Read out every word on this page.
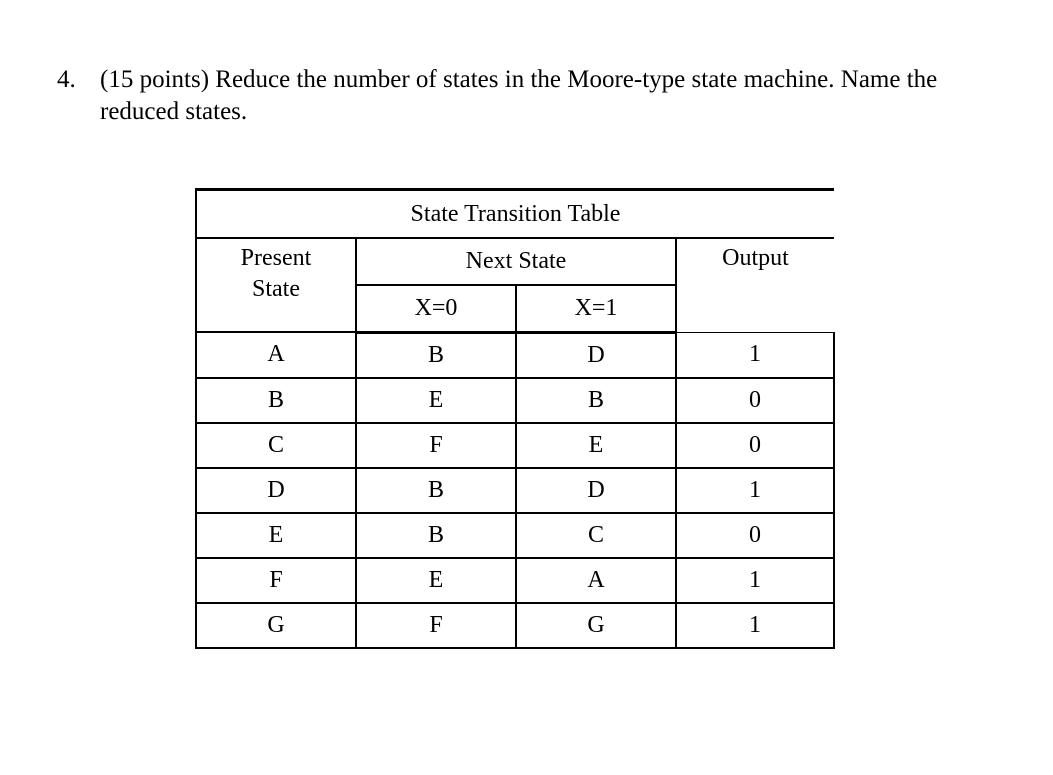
4. (15 points) Reduce the number of states in the Moore-type state machine. Name the reduced states.
State Transition Table			
Present State	Next State		Output
	X=0	X=1	
A	B	D	1
B	E	B	0
C	F	E	0
D	B	D	1
E	B	C	0
F	E	A	1
G	F	G	1
